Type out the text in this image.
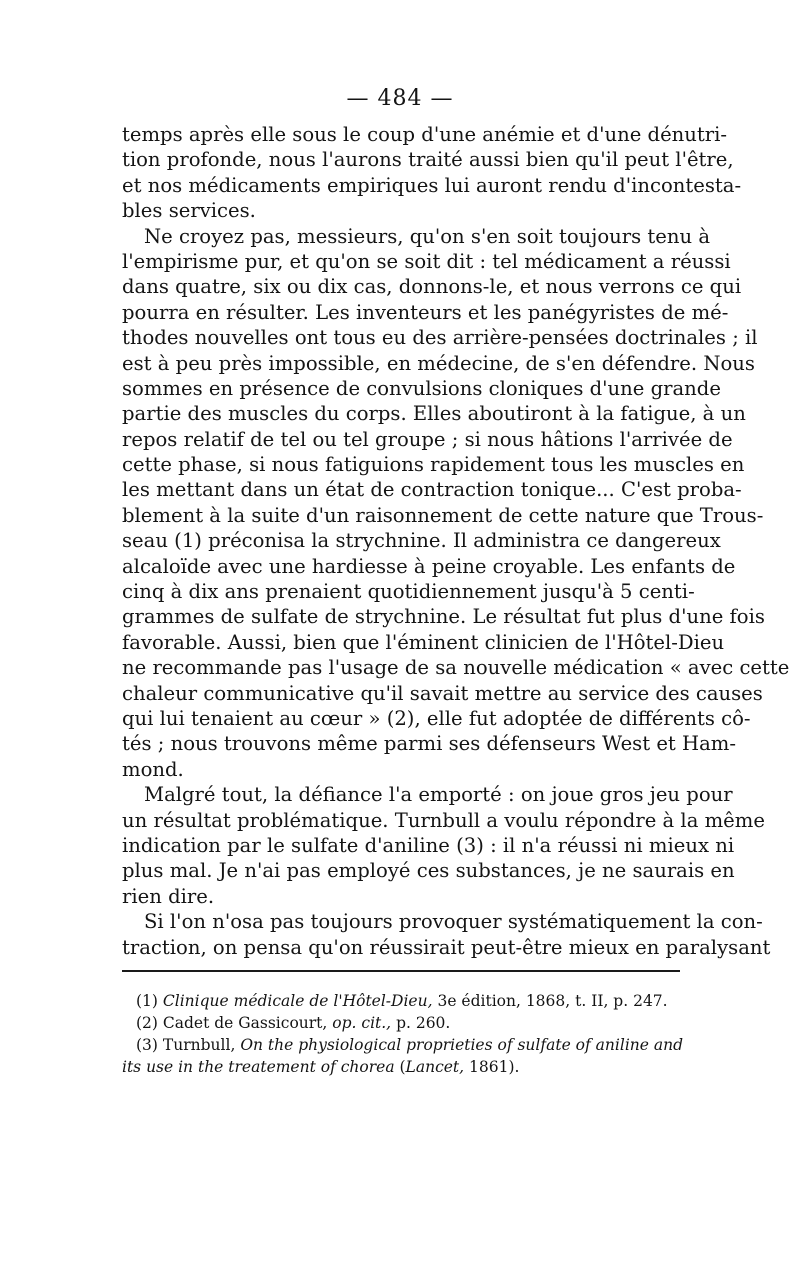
— 484 —
temps après elle sous le coup d'une anémie et d'une dénutri-
tion profonde, nous l'aurons traité aussi bien qu'il peut l'être,
et nos médicaments empiriques lui auront rendu d'incontesta-
bles services.
Ne croyez pas, messieurs, qu'on s'en soit toujours tenu à
l'empirisme pur, et qu'on se soit dit : tel médicament a réussi
dans quatre, six ou dix cas, donnons-le, et nous verrons ce qui
pourra en résulter. Les inventeurs et les panégyristes de mé-
thodes nouvelles ont tous eu des arrière-pensées doctrinales ; il
est à peu près impossible, en médecine, de s'en défendre. Nous
sommes en présence de convulsions cloniques d'une grande
partie des muscles du corps. Elles aboutiront à la fatigue, à un
repos relatif de tel ou tel groupe ; si nous hâtions l'arrivée de
cette phase, si nous fatiguions rapidement tous les muscles en
les mettant dans un état de contraction tonique... C'est proba-
blement à la suite d'un raisonnement de cette nature que Trous-
seau (1) préconisa la strychnine. Il administra ce dangereux
alcaloïde avec une hardiesse à peine croyable. Les enfants de
cinq à dix ans prenaient quotidiennement jusqu'à 5 centi-
grammes de sulfate de strychnine. Le résultat fut plus d'une fois
favorable. Aussi, bien que l'éminent clinicien de l'Hôtel-Dieu
ne recommande pas l'usage de sa nouvelle médication « avec cette
chaleur communicative qu'il savait mettre au service des causes
qui lui tenaient au cœur » (2), elle fut adoptée de différents cô-
tés ; nous trouvons même parmi ses défenseurs West et Ham-
mond.
Malgré tout, la défiance l'a emporté : on joue gros jeu pour
un résultat problématique. Turnbull a voulu répondre à la même
indication par le sulfate d'aniline (3) : il n'a réussi ni mieux ni
plus mal. Je n'ai pas employé ces substances, je ne saurais en
rien dire.
Si l'on n'osa pas toujours provoquer systématiquement la con-
traction, on pensa qu'on réussirait peut-être mieux en paralysant
(1) Clinique médicale de l'Hôtel-Dieu, 3e édition, 1868, t. II, p. 247.
(2) Cadet de Gassicourt, op. cit., p. 260.
(3) Turnbull, On the physiological proprieties of sulfate of aniline and
its use in the treatement of chorea (Lancet, 1861).
